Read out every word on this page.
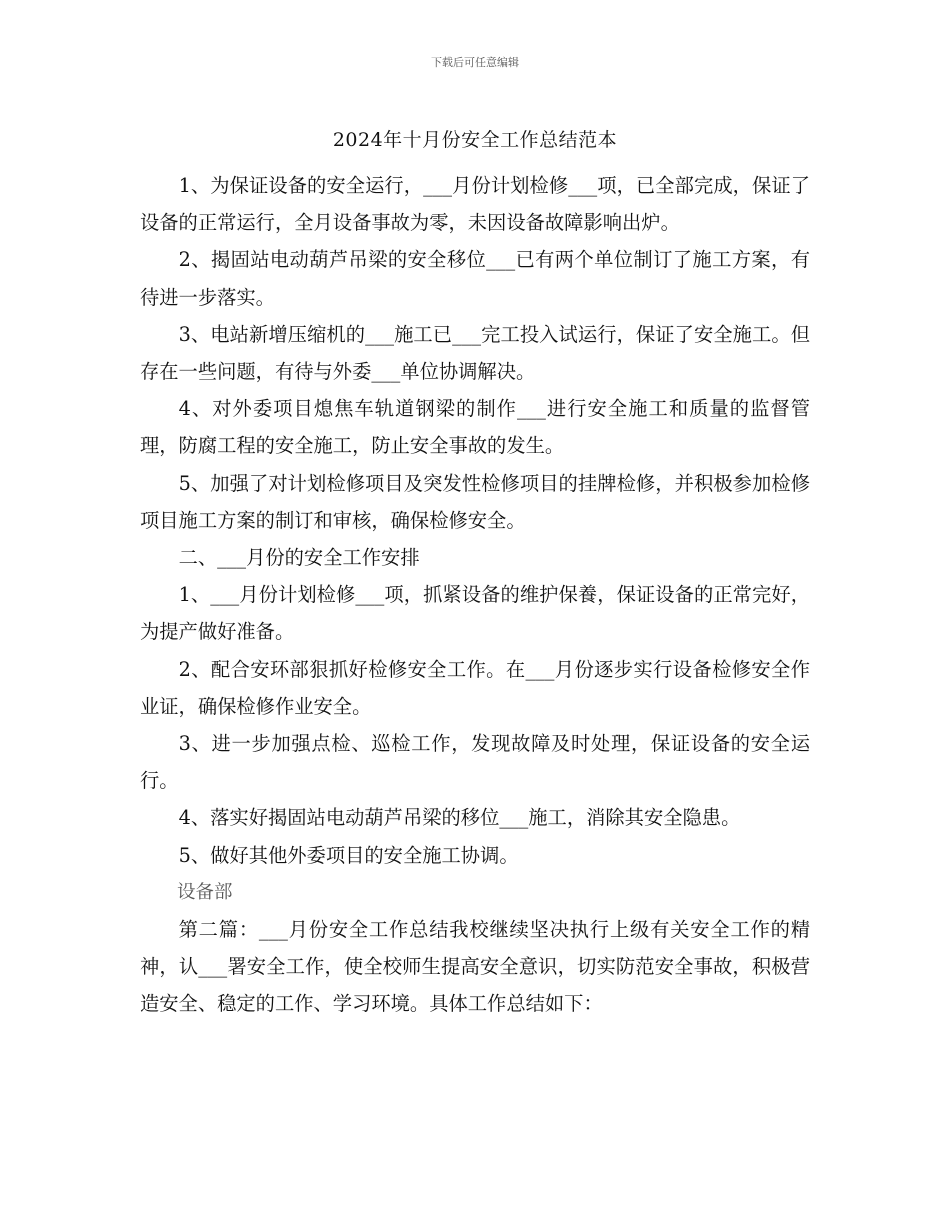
下载后可任意编辑
2024年十月份安全工作总结范本

1、为保证设备的安全运行，___月份计划检修___项，已全部完成，保证了设备的正常运行，全月设备事故为零，未因设备故障影响出炉。

2、揭固站电动葫芦吊梁的安全移位___已有两个单位制订了施工方案，有待进一步落实。

3、电站新增压缩机的___施工已___完工投入试运行，保证了安全施工。但存在一些问题，有待与外委___单位协调解决。

4、对外委项目熄焦车轨道钢梁的制作___进行安全施工和质量的监督管理，防腐工程的安全施工，防止安全事故的发生。

5、加强了对计划检修项目及突发性检修项目的挂牌检修，并积极参加检修项目施工方案的制订和审核，确保检修安全。

二、___月份的安全工作安排

1、___月份计划检修___项，抓紧设备的维护保養，保证设备的正常完好，为提产做好准备。

2、配合安环部狠抓好检修安全工作。在___月份逐步实行设备检修安全作业证，确保检修作业安全。

3、进一步加强点检、巡检工作，发现故障及时处理，保证设备的安全运行。

4、落实好揭固站电动葫芦吊梁的移位___施工，消除其安全隐患。

5、做好其他外委项目的安全施工协调。

设备部

第二篇：___月份安全工作总结我校继续坚决执行上级有关安全工作的精神，认___署安全工作，使全校师生提高安全意识，切实防范安全事故，积极营造安全、稳定的工作、学习环境。具体工作总结如下：
